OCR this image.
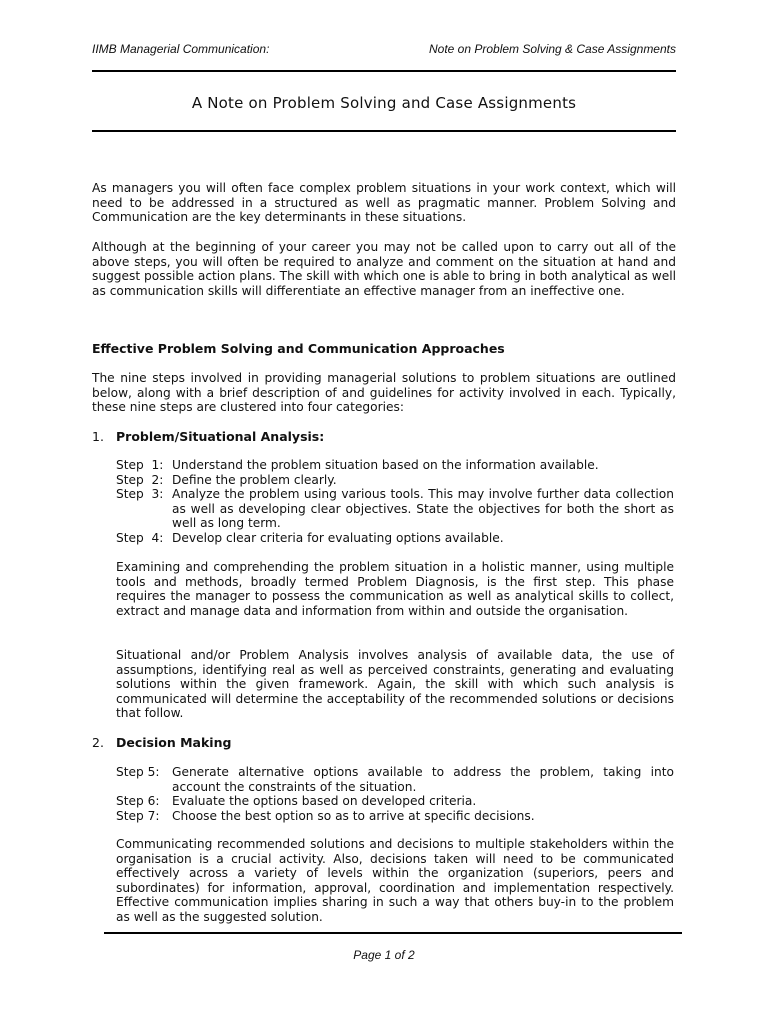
IIMB Managerial Communication:	Note on Problem Solving & Case Assignments
A Note on Problem Solving and Case Assignments
As managers you will often face complex problem situations in your work context, which will need to be addressed in a structured as well as pragmatic manner. Problem Solving and Communication are the key determinants in these situations.
Although at the beginning of your career you may not be called upon to carry out all of the above steps, you will often be required to analyze and comment on the situation at hand and suggest possible action plans. The skill with which one is able to bring in both analytical as well as communication skills will differentiate an effective manager from an ineffective one.
Effective Problem Solving and Communication Approaches
The nine steps involved in providing managerial solutions to problem situations are outlined below, along with a brief description of and guidelines for activity involved in each. Typically, these nine steps are clustered into four categories:
1. Problem/Situational Analysis:
Step  1: Understand the problem situation based on the information available.
Step  2: Define the problem clearly.
Step  3: Analyze the problem using various tools. This may involve further data collection as well as developing clear objectives. State the objectives for both the short as well as long term.
Step  4: Develop clear criteria for evaluating options available.
Examining and comprehending the problem situation in a holistic manner, using multiple tools and methods, broadly termed Problem Diagnosis, is the first step. This phase requires the manager to possess the communication as well as analytical skills to collect, extract and manage data and information from within and outside the organisation.
Situational and/or Problem Analysis involves analysis of available data, the use of assumptions, identifying real as well as perceived constraints, generating and evaluating solutions within the given framework. Again, the skill with which such analysis is communicated will determine the acceptability of the recommended solutions or decisions that follow.
2. Decision Making
Step 5:	Generate alternative options available to address the problem, taking into account the constraints of the situation.
Step 6:	Evaluate the options based on developed criteria.
Step 7:	Choose the best option so as to arrive at specific decisions.
Communicating recommended solutions and decisions to multiple stakeholders within the organisation is a crucial activity. Also, decisions taken will need to be communicated effectively across a variety of levels within the organization (superiors, peers and subordinates) for information, approval, coordination and implementation respectively. Effective communication implies sharing in such a way that others buy-in to the problem as well as the suggested solution.
Page 1 of 2
